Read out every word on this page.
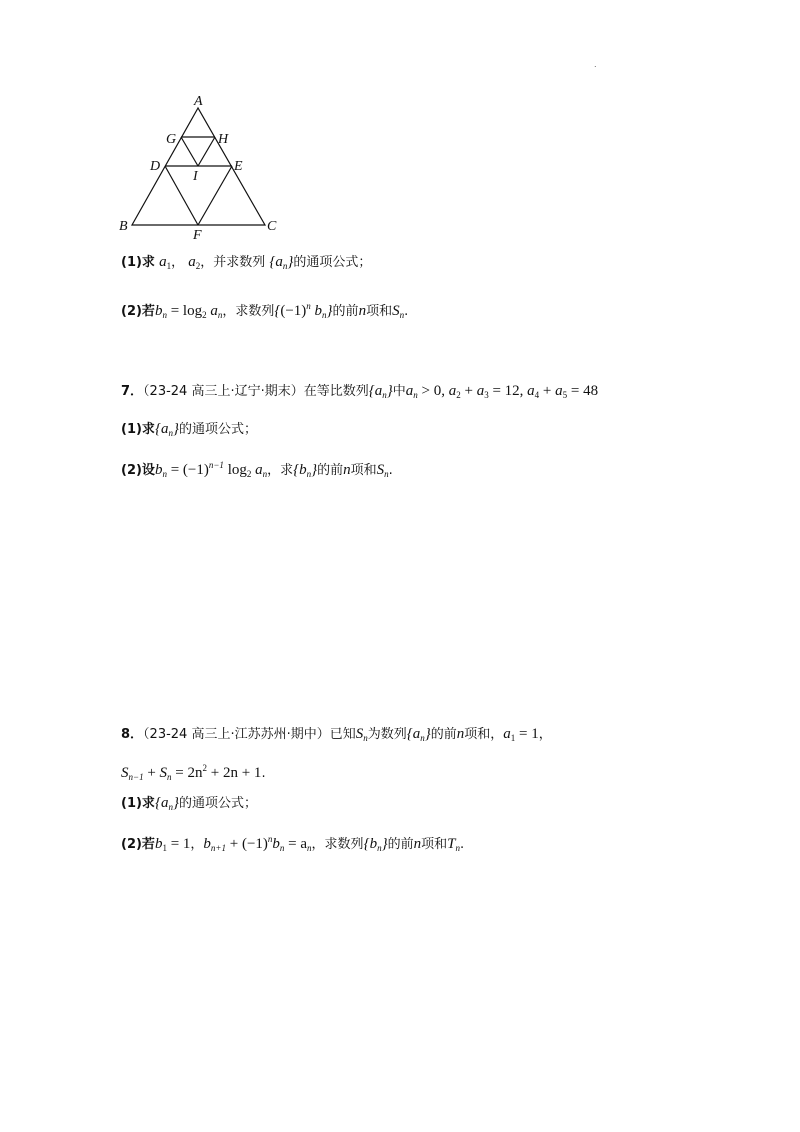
.
A
G	H
D	E
I
B
F
C
(1)求 $a_1$， $a_2$，并求数列 $\{a_n\}$的通项公式；
(2)若$b_n = \log_2 a_n$，求数列{$(-1)^n$ $b_n$}的前n项和$S_n$.
7．（23-24 高三上·辽宁·期末）在等比数列$\{a_n\}$中$a_n > 0$, $a_2 + a_3 = 12$, $a_4 + a_5 = 48$
(1)求$\{a_n\}$的通项公式；
(2)设$b_n = (-1)^{n-1}$ $\log_2 a_n$，求$\{b_n\}$的前n项和$S_n$.
8．（23-24 高三上·江苏苏州·期中）已知$S_n$为数列$\{a_n\}$的前n项和，$a_1 = 1$，
$S_{n-1} + S_n = 2n^2 + 2n + 1$.
(1)求$\{a_n\}$的通项公式；
(2)若$b_1 = 1$，$b_{n+1} + (-1)^nb_n = a_n$，求数列$\{b_n\}$的前n项和$T_n$.
